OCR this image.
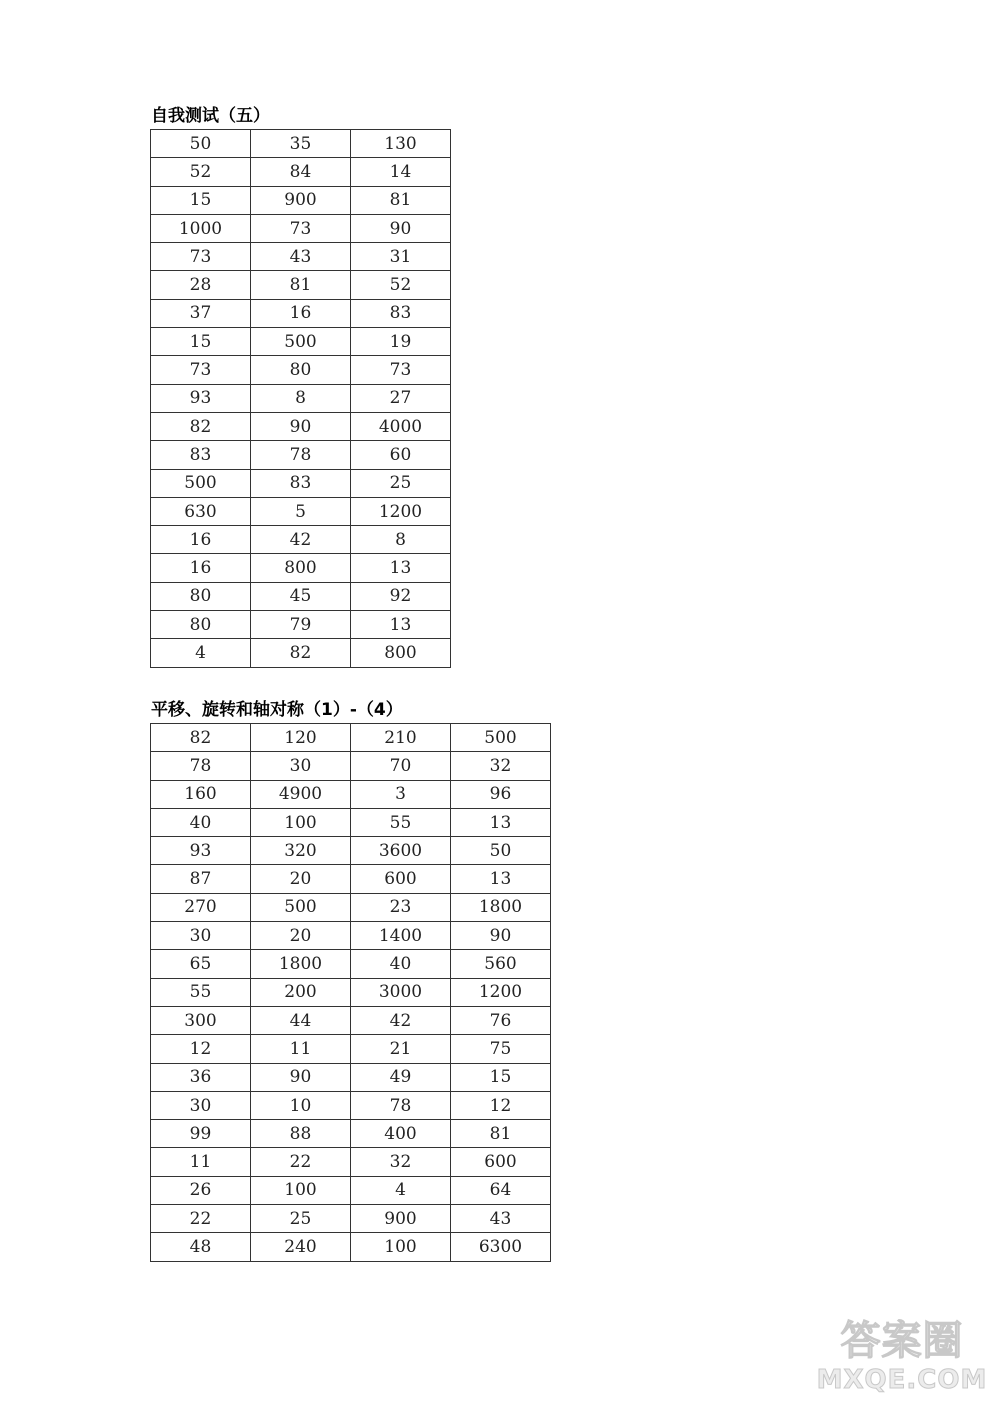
自我测试（五）
50	35	130
52	84	14
15	900	81
1000	73	90
73	43	31
28	81	52
37	16	83
15	500	19
73	80	73
93	8	27
82	90	4000
83	78	60
500	83	25
630	5	1200
16	42	8
16	800	13
80	45	92
80	79	13
4	82	800
平移、旋转和轴对称（1）-（4）
82	120	210	500
78	30	70	32
160	4900	3	96
40	100	55	13
93	320	3600	50
87	20	600	13
270	500	23	1800
30	20	1400	90
65	1800	40	560
55	200	3000	1200
300	44	42	76
12	11	21	75
36	90	49	15
30	10	78	12
99	88	400	81
11	22	32	600
26	100	4	64
22	25	900	43
48	240	100	6300
答案圈
MXQE.COM
